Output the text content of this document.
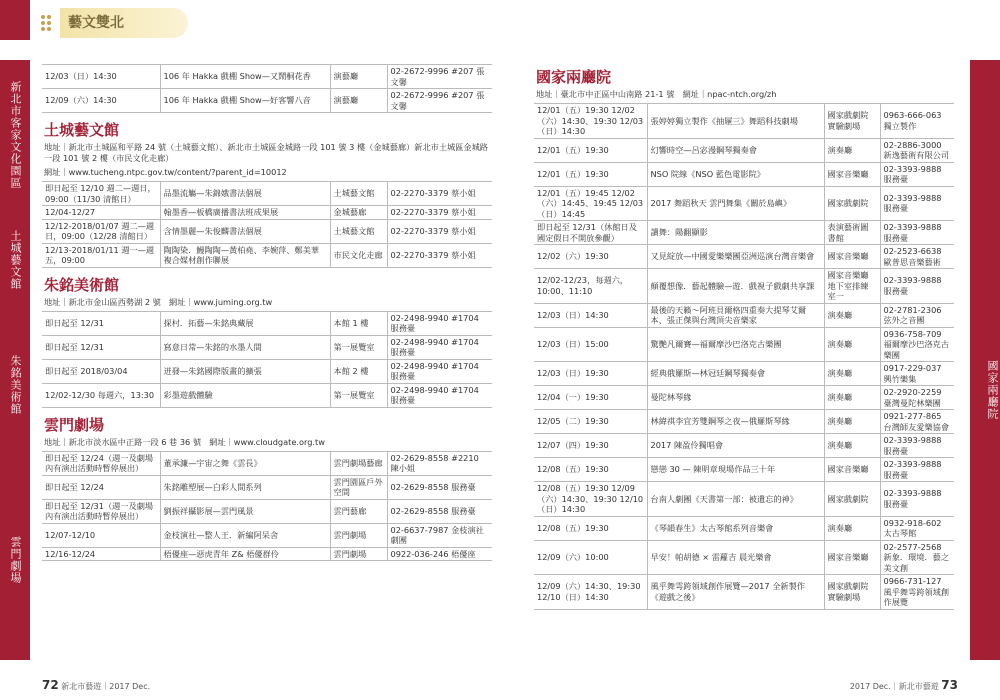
藝文雙北
新北市客家文化園區
土城藝文館
朱銘美術館
雲門劇場
國家兩廳院
12/03（日）14:30	106 年 Hakka 戲棚 Show—又鬧桐花香	演藝廳	02-2672-9996 #207 張文馨
12/09（六）14:30	106 年 Hakka 戲棚 Show—好客響八音	演藝廳	02-2672-9996 #207 張文馨
土城藝文館
地址｜新北市土城區和平路 24 號（土城藝文館）、新北市土城區金城路一段 101 號 3 樓（金城藝廊）新北市土城區金城路一段 101 號 2 樓（市民文化走廊）
網址｜www.tucheng.ntpc.gov.tw/content/?parent_id=10012
即日起至 12/10 週二—週日，09:00（11/30 清館日）	品墨流觴—朱錦娥書法個展	土城藝文館	02-2270-3379 蔡小姐
12/04-12/27	翰墨香—板橋廣播書法班成果展	金城藝廊	02-2270-3379 蔡小姐
12/12-2018/01/07 週二—週日，09:00（12/28 清館日）	含情墨麗—朱俊麟書法個展	土城藝文館	02-2270-3379 蔡小姐
12/13-2018/01/11 週一—週五，09:00	陶陶染．鰻陶陶—黃柏堯、李婉萍、鄭美華複合媒材創作聯展	市民文化走廊	02-2270-3379 蔡小姐
朱銘美術館
地址｜新北市金山區西勢湖 2 號　網址｜www.juming.org.tw
即日起至 12/31	探村．拓藝—朱銘典藏展	本館 1 樓	02-2498-9940 #1704 服務臺
即日起至 12/31	寫意日常—朱銘的水墨人間	第一展覽室	02-2498-9940 #1704 服務臺
即日起至 2018/03/04	迸發—朱銘國際版畫的擴張	本館 2 樓	02-2498-9940 #1704 服務臺
12/02-12/30 每週六，13:30	彩墨遊戲體驗	第一展覽室	02-2498-9940 #1704 服務臺
雲門劇場
地址｜新北市淡水區中正路一段 6 巷 36 號　網址｜www.cloudgate.org.tw
即日起至 12/24（週一及劇場內有演出活動時暫停展出）	董承濂—宇宙之舞《雲長》	雲門劇場藝廊	02-2629-8558 #2210 陳小姐
即日起至 12/24	朱銘雕塑展—白彩人間系列	雲門園區戶外空間	02-2629-8558 服務臺
即日起至 12/31（週一及劇場內有演出活動時暫停展出）	劉振祥攝影展—雲門風景	雲門藝廊	02-2629-8558 服務臺
12/07-12/10	金枝演社—整人王．新編阿呆舍	雲門劇場	02-6637-7987 金枝演社劇團
12/16-12/24	梧優座—惡虎青年 Z& 梧優群伶	雲門劇場	0922-036-246 梧優座
國家兩廳院
地址｜臺北市中正區中山南路 21-1 號　網址｜npac-ntch.org/zh
12/01（五）19:30 12/02（六）14:30、19:30 12/03（日）14:30	張婷婷獨立製作《抽屜三》舞蹈科技劇場	國家戲劇院實驗劇場	0963-666-063 獨立製作
12/01（五）19:30	幻響時空—呂宓漫鋼琴獨奏會	演奏廳	02-2886-3000 新逸藝術有限公司
12/01（五）19:30	NSO 院線《NSO 藍色電影院》	國家音樂廳	02-3393-9888 服務臺
12/01（五）19:45 12/02（六）14:45、19:45 12/03（日）14:45	2017 舞蹈秋天 雲門舞集《關於島嶼》	國家戲劇院	02-3393-9888 服務臺
即日起至 12/31（休館日及國定假日不開放參觀）	讀舞：陽翻顯影	表演藝術圖書館	02-3393-9888 服務臺
12/02（六）19:30	又見綻放—中國愛樂樂團亞洲巡演台灣音樂會	國家音樂廳	02-2523-6638 歐普思音樂藝術
12/02-12/23，每週六，10:00、11:10	顛覆想像．藝起體驗—遊．戲視子戲劇共享課	國家音樂廳地下室排練室一	02-3393-9888 服務臺
12/03（日）14:30	最後的天籟～阿班貝爾格四重奏大提琴艾爾本、張正傑與台灣頂尖音樂家	演奏廳	02-2781-2306 弦外之音團
12/03（日）15:00	驚艷凡爾賽—福爾摩沙巴洛克古樂團	演奏廳	0936-758-709 福爾摩沙巴洛克古樂團
12/03（日）19:30	經典俄羅斯—林冠廷鋼琴獨奏會	演奏廳	0917-229-037 興竹樂集
12/04（一）19:30	曼陀林琴緣	演奏廳	02-2920-2259 臺灣曼陀林樂團
12/05（二）19:30	林緯祺李宜芳雙鋼琴之夜—俄羅斯琴緣	演奏廳	0921-277-865 台灣師友愛樂協會
12/07（四）19:30	2017 陳盈伶獨唱會	演奏廳	02-3393-9888 服務臺
12/08（五）19:30	戀戀 30 — 陳明章現場作品三十年	國家音樂廳	02-3393-9888 服務臺
12/08（五）19:30 12/09（六）14:30、19:30 12/10（日）14:30	台南人劇團《天書第一部：被遺忘的神》	國家戲劇院	02-3393-9888 服務臺
12/08（五）19:30	《琴韻春生》太古琴館系列音樂會	演奏廳	0932-918-602 太古琴館
12/09（六）10:00	早安！帕胡德 × 雷蘿吉 晨光樂會	國家音樂廳	02-2577-2568 新象．環境．藝之美文創
12/09（六）14:30、19:30 12/10（日）14:30	風乎舞雩跨領域創作展覽—2017 全新製作《遊戲之後》	國家戲劇院實驗劇場	0966-731-127 風乎舞雩跨領域創作展覽
72 新北市藝遊｜2017 Dec.	2017 Dec.｜新北市藝遊 73
